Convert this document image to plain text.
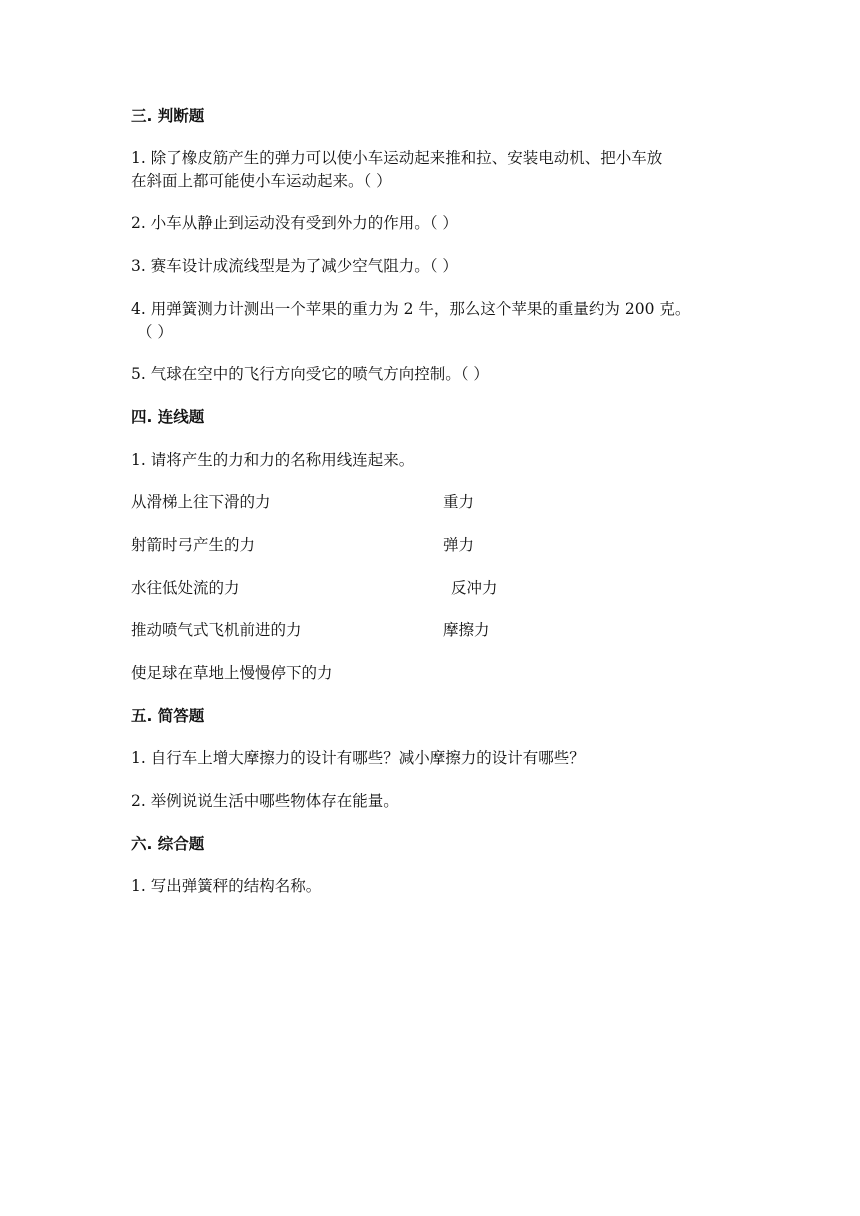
三. 判断题
1. 除了橡皮筋产生的弹力可以使小车运动起来推和拉、安装电动机、把小车放
在斜面上都可能使小车运动起来。（ ）
2. 小车从静止到运动没有受到外力的作用。（ ）
3. 赛车设计成流线型是为了减少空气阻力。（ ）
4. 用弹簧测力计测出一个苹果的重力为 2 牛，那么这个苹果的重量约为 200 克。
（ ）
5. 气球在空中的飞行方向受它的喷气方向控制。（ ）
四. 连线题
1. 请将产生的力和力的名称用线连起来。
从滑梯上往下滑的力	重力
射箭时弓产生的力	弹力
水往低处流的力	反冲力
推动喷气式飞机前进的力	摩擦力
使足球在草地上慢慢停下的力
五. 简答题
1. 自行车上增大摩擦力的设计有哪些？减小摩擦力的设计有哪些？
2. 举例说说生活中哪些物体存在能量。
六. 综合题
1. 写出弹簧秤的结构名称。
